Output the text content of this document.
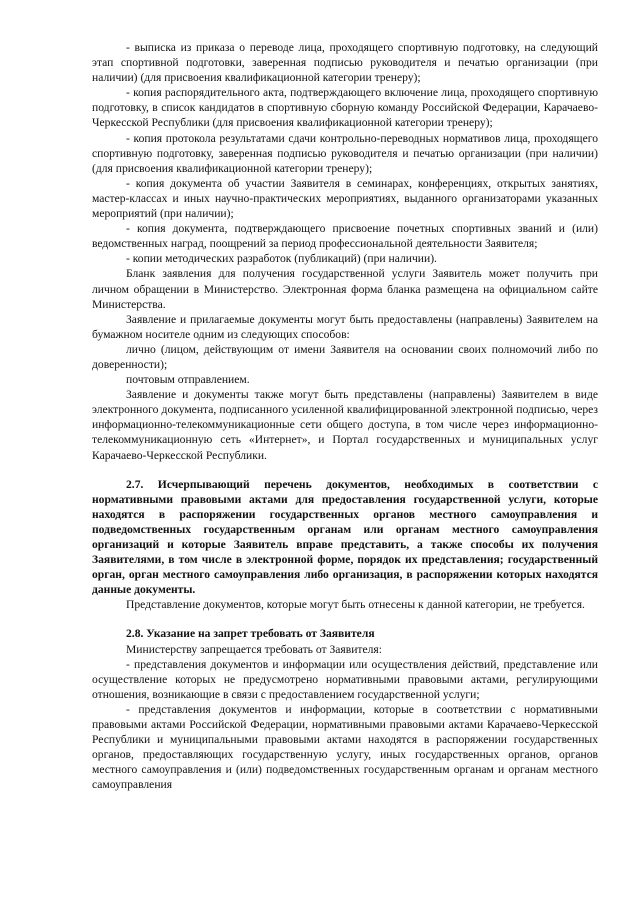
- выписка из приказа о переводе лица, проходящего спортивную подготовку, на следующий этап спортивной подготовки, заверенная подписью руководителя и печатью организации (при наличии) (для присвоения квалификационной категории тренеру);

- копия распорядительного акта, подтверждающего включение лица, проходящего спортивную подготовку, в список кандидатов в спортивную сборную команду Российской Федерации, Карачаево-Черкесской Республики (для присвоения квалификационной категории тренеру);

- копия протокола результатами сдачи контрольно-переводных нормативов лица, проходящего спортивную подготовку, заверенная подписью руководителя и печатью организации (при наличии) (для присвоения квалификационной категории тренеру);

- копия документа об участии Заявителя в семинарах, конференциях, открытых занятиях, мастер-классах и иных научно-практических мероприятиях, выданного организаторами указанных мероприятий (при наличии);

- копия документа, подтверждающего присвоение почетных спортивных званий и (или) ведомственных наград, поощрений за период профессиональной деятельности Заявителя;

- копии методических разработок (публикаций) (при наличии).

Бланк заявления для получения государственной услуги Заявитель может получить при личном обращении в Министерство. Электронная форма бланка размещена на официальном сайте Министерства.

Заявление и прилагаемые документы могут быть предоставлены (направлены) Заявителем на бумажном носителе одним из следующих способов:

лично (лицом, действующим от имени Заявителя на основании своих полномочий либо по доверенности);

почтовым отправлением.

Заявление и документы также могут быть представлены (направлены) Заявителем в виде электронного документа, подписанного усиленной квалифицированной электронной подписью, через информационно-телекоммуникационные сети общего доступа, в том числе через информационно-телекоммуникационную сеть «Интернет», и Портал государственных и муниципальных услуг Карачаево-Черкесской Республики.

2.7. Исчерпывающий перечень документов, необходимых в соответствии с нормативными правовыми актами для предоставления государственной услуги, которые находятся в распоряжении государственных органов местного самоуправления и подведомственных государственным органам или органам местного самоуправления организаций и которые Заявитель вправе представить, а также способы их получения Заявителями, в том числе в электронной форме, порядок их представления; государственный орган, орган местного самоуправления либо организация, в распоряжении которых находятся данные документы.

Представление документов, которые могут быть отнесены к данной категории, не требуется.

2.8. Указание на запрет требовать от Заявителя

Министерству запрещается требовать от Заявителя:

- представления документов и информации или осуществления действий, представление или осуществление которых не предусмотрено нормативными правовыми актами, регулирующими отношения, возникающие в связи с предоставлением государственной услуги;

- представления документов и информации, которые в соответствии с нормативными правовыми актами Российской Федерации, нормативными правовыми актами Карачаево-Черкесской Республики и муниципальными правовыми актами находятся в распоряжении государственных органов, предоставляющих государственную услугу, иных государственных органов, органов местного самоуправления и (или) подведомственных государственным органам и органам местного самоуправления
